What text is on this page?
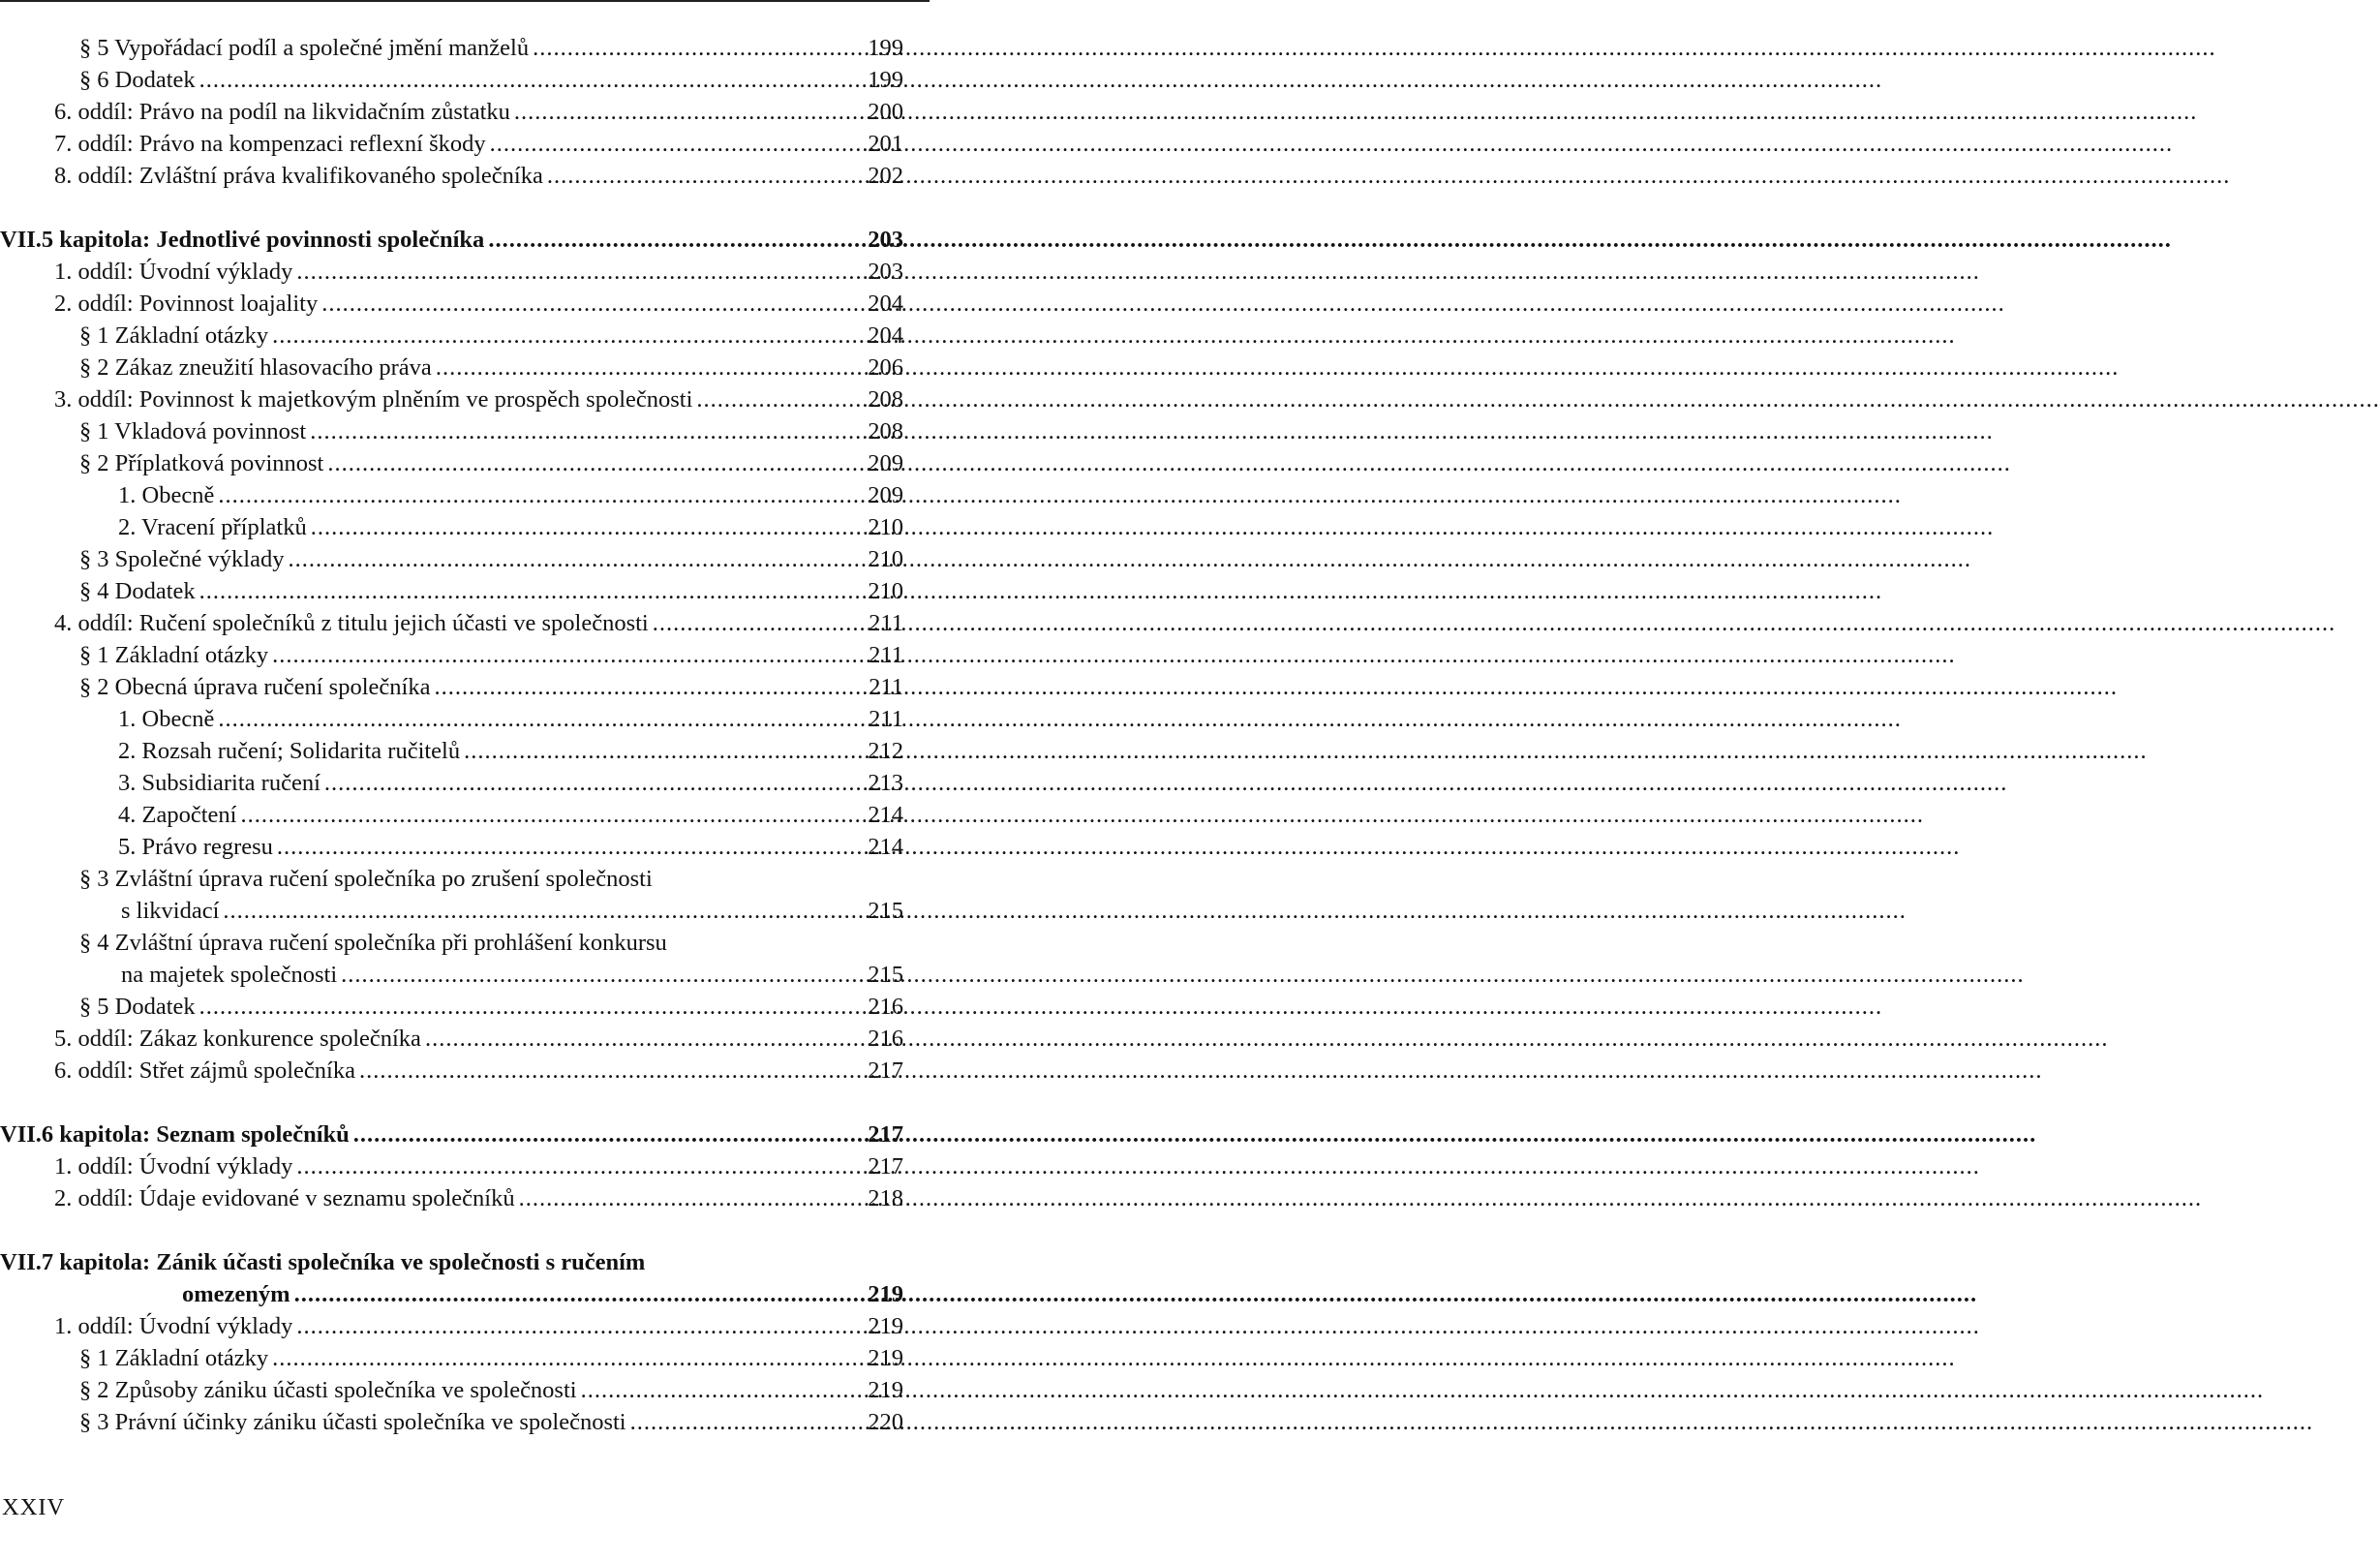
§ 5 Vypořádací podíl a společné jmění manželů .....	199
§ 6 Dodatek .....	199
6. oddíl: Právo na podíl na likvidačním zůstatku .....	200
7. oddíl: Právo na kompenzaci reflexní škody .....	201
8. oddíl: Zvláštní práva kvalifikovaného společníka .....	202
VII.5 kapitola: Jednotlivé povinnosti společníka .....	203
1. oddíl: Úvodní výklady .....	203
2. oddíl: Povinnost loajality .....	204
§ 1 Základní otázky .....	204
§ 2 Zákaz zneužití hlasovacího práva .....	206
3. oddíl: Povinnost k majetkovým plněním ve prospěch společnosti .....	208
§ 1 Vkladová povinnost .....	208
§ 2 Příplatková povinnost .....	209
1. Obecně .....	209
2. Vracení příplatků .....	210
§ 3 Společné výklady .....	210
§ 4 Dodatek .....	210
4. oddíl: Ručení společníků z titulu jejich účasti ve společnosti .....	211
§ 1 Základní otázky .....	211
§ 2 Obecná úprava ručení společníka .....	211
1. Obecně .....	211
2. Rozsah ručení; Solidarita ručitelů .....	212
3. Subsidiarita ručení .....	213
4. Započtení .....	214
5. Právo regresu .....	214
§ 3 Zvláštní úprava ručení společníka po zrušení společnosti
s likvidací .....	215
§ 4 Zvláštní úprava ručení společníka při prohlášení konkursu
na majetek společnosti .....	215
§ 5 Dodatek .....	216
5. oddíl: Zákaz konkurence společníka .....	216
6. oddíl: Střet zájmů společníka .....	217
VII.6 kapitola: Seznam společníků .....	217
1. oddíl: Úvodní výklady .....	217
2. oddíl: Údaje evidované v seznamu společníků .....	218
VII.7 kapitola: Zánik účasti společníka ve společnosti s ručením
omezeným .....	219
1. oddíl: Úvodní výklady .....	219
§ 1 Základní otázky .....	219
§ 2 Způsoby zániku účasti společníka ve společnosti .....	219
§ 3 Právní účinky zániku účasti společníka ve společnosti .....	220
XXIV
